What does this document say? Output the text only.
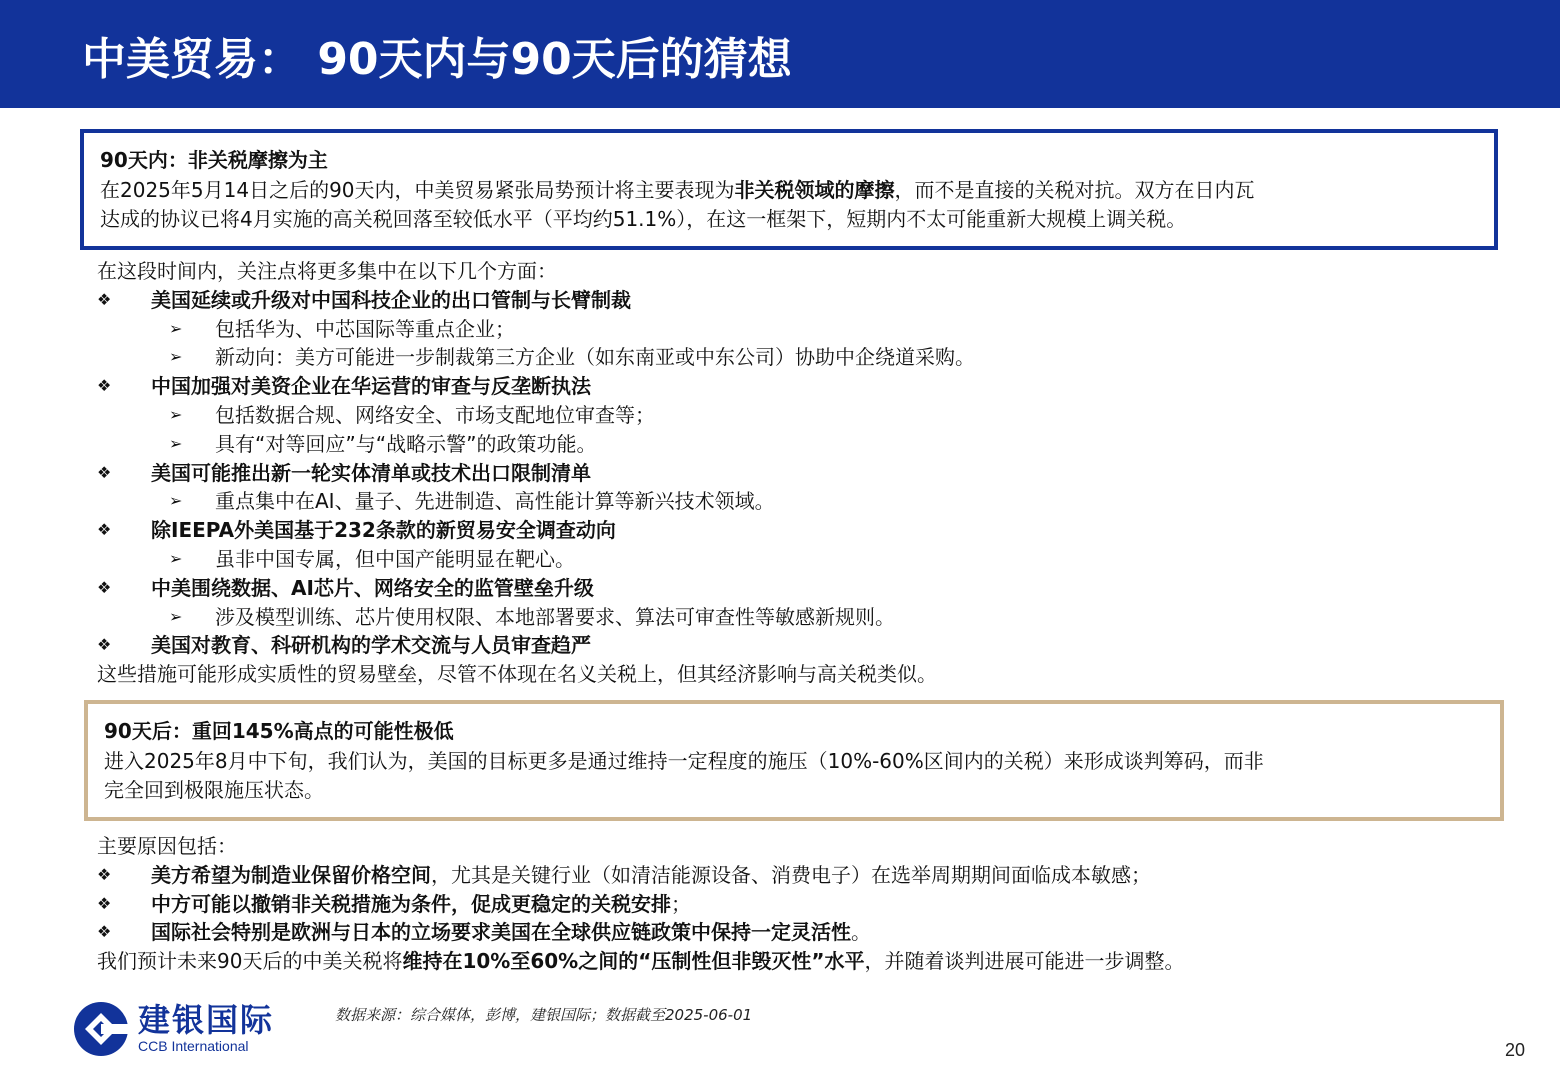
中美贸易： 90天内与90天后的猜想
90天内：非关税摩擦为主
在2025年5月14日之后的90天内，中美贸易紧张局势预计将主要表现为非关税领域的摩擦，而不是直接的关税对抗。双方在日内瓦
达成的协议已将4月实施的高关税回落至较低水平（平均约51.1%），在这一框架下，短期内不太可能重新大规模上调关税。
在这段时间内，关注点将更多集中在以下几个方面：
❖ 美国延续或升级对中国科技企业的出口管制与长臂制裁
➢ 包括华为、中芯国际等重点企业；
➢ 新动向：美方可能进一步制裁第三方企业（如东南亚或中东公司）协助中企绕道采购。
❖ 中国加强对美资企业在华运营的审查与反垄断执法
➢ 包括数据合规、网络安全、市场支配地位审查等；
➢ 具有“对等回应”与“战略示警”的政策功能。
❖ 美国可能推出新一轮实体清单或技术出口限制清单
➢ 重点集中在AI、量子、先进制造、高性能计算等新兴技术领域。
❖ 除IEEPA外美国基于232条款的新贸易安全调查动向
➢ 虽非中国专属，但中国产能明显在靶心。
❖ 中美围绕数据、AI芯片、网络安全的监管壁垒升级
➢ 涉及模型训练、芯片使用权限、本地部署要求、算法可审查性等敏感新规则。
❖ 美国对教育、科研机构的学术交流与人员审查趋严
这些措施可能形成实质性的贸易壁垒，尽管不体现在名义关税上，但其经济影响与高关税类似。
90天后：重回145%高点的可能性极低
进入2025年8月中下旬，我们认为，美国的目标更多是通过维持一定程度的施压（10%-60%区间内的关税）来形成谈判筹码，而非
完全回到极限施压状态。
主要原因包括：
❖ 美方希望为制造业保留价格空间，尤其是关键行业（如清洁能源设备、消费电子）在选举周期期间面临成本敏感；
❖ 中方可能以撤销非关税措施为条件，促成更稳定的关税安排；
❖ 国际社会特别是欧洲与日本的立场要求美国在全球供应链政策中保持一定灵活性。
我们预计未来90天后的中美关税将维持在10%至60%之间的“压制性但非毁灭性”水平，并随着谈判进展可能进一步调整。
建银国际
CCB International
数据来源：综合媒体，彭博，建银国际；数据截至2025-06-01
20
